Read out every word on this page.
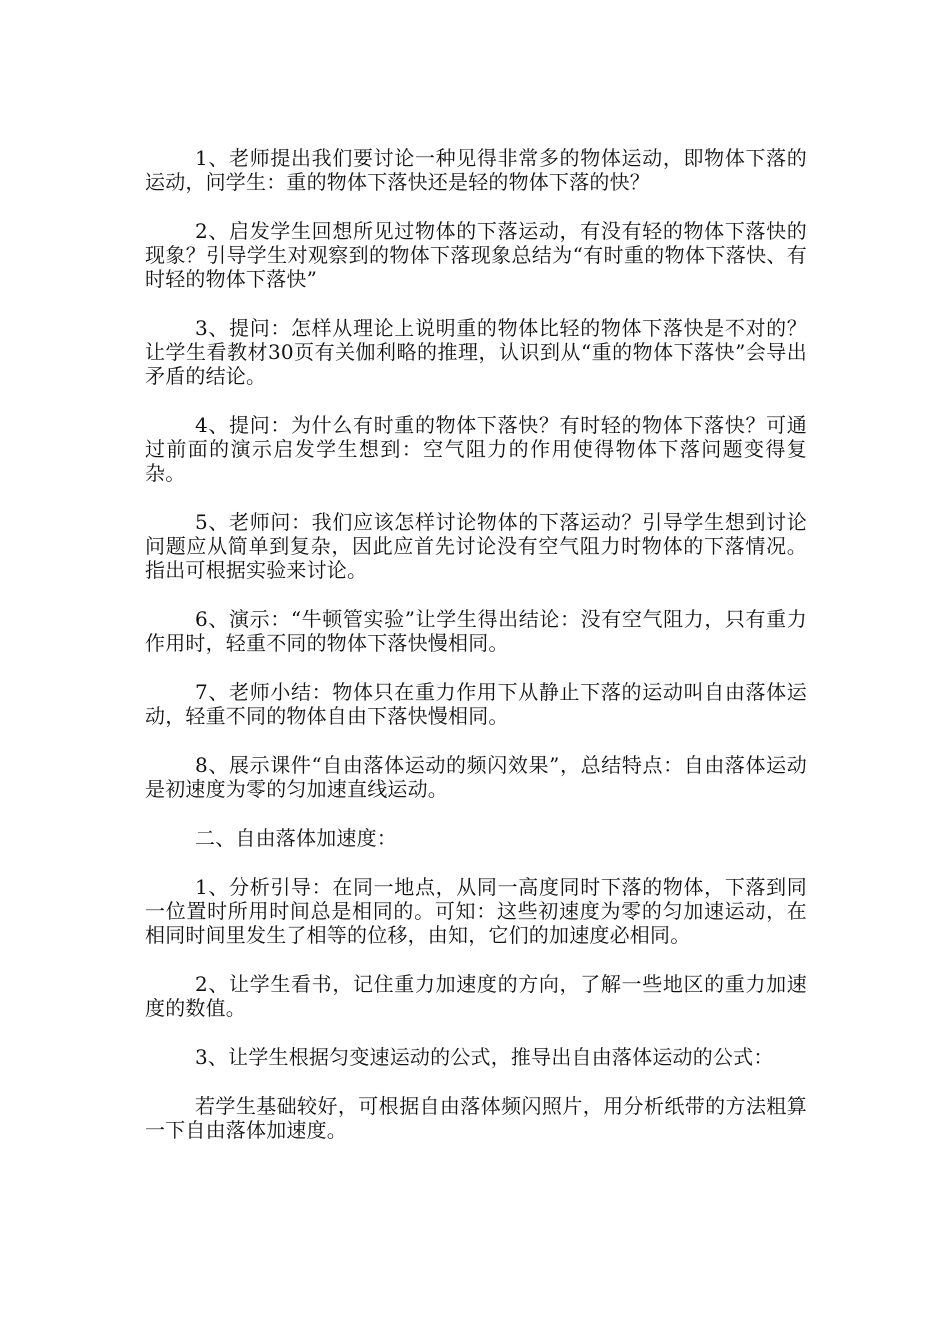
1、老师提出我们要讨论一种见得非常多的物体运动，即物体下落的运动，问学生：重的物体下落快还是轻的物体下落的快？

2、启发学生回想所见过物体的下落运动，有没有轻的物体下落快的现象？引导学生对观察到的物体下落现象总结为“有时重的物体下落快、有时轻的物体下落快”

3、提问：怎样从理论上说明重的物体比轻的物体下落快是不对的？让学生看教材30页有关伽利略的推理，认识到从“重的物体下落快”会导出矛盾的结论。

4、提问：为什么有时重的物体下落快？有时轻的物体下落快？可通过前面的演示启发学生想到：空气阻力的作用使得物体下落问题变得复杂。

5、老师问：我们应该怎样讨论物体的下落运动？引导学生想到讨论问题应从简单到复杂，因此应首先讨论没有空气阻力时物体的下落情况。指出可根据实验来讨论。

6、演示：“牛顿管实验”让学生得出结论：没有空气阻力，只有重力作用时，轻重不同的物体下落快慢相同。

7、老师小结：物体只在重力作用下从静止下落的运动叫自由落体运动，轻重不同的物体自由下落快慢相同。

8、展示课件“自由落体运动的频闪效果”，总结特点：自由落体运动是初速度为零的匀加速直线运动。

二、自由落体加速度：

1、分析引导：在同一地点，从同一高度同时下落的物体，下落到同一位置时所用时间总是相同的。可知：这些初速度为零的匀加速运动，在相同时间里发生了相等的位移，由知，它们的加速度必相同。

2、让学生看书，记住重力加速度的方向，了解一些地区的重力加速度的数值。

3、让学生根据匀变速运动的公式，推导出自由落体运动的公式：

若学生基础较好，可根据自由落体频闪照片，用分析纸带的方法粗算一下自由落体加速度。
